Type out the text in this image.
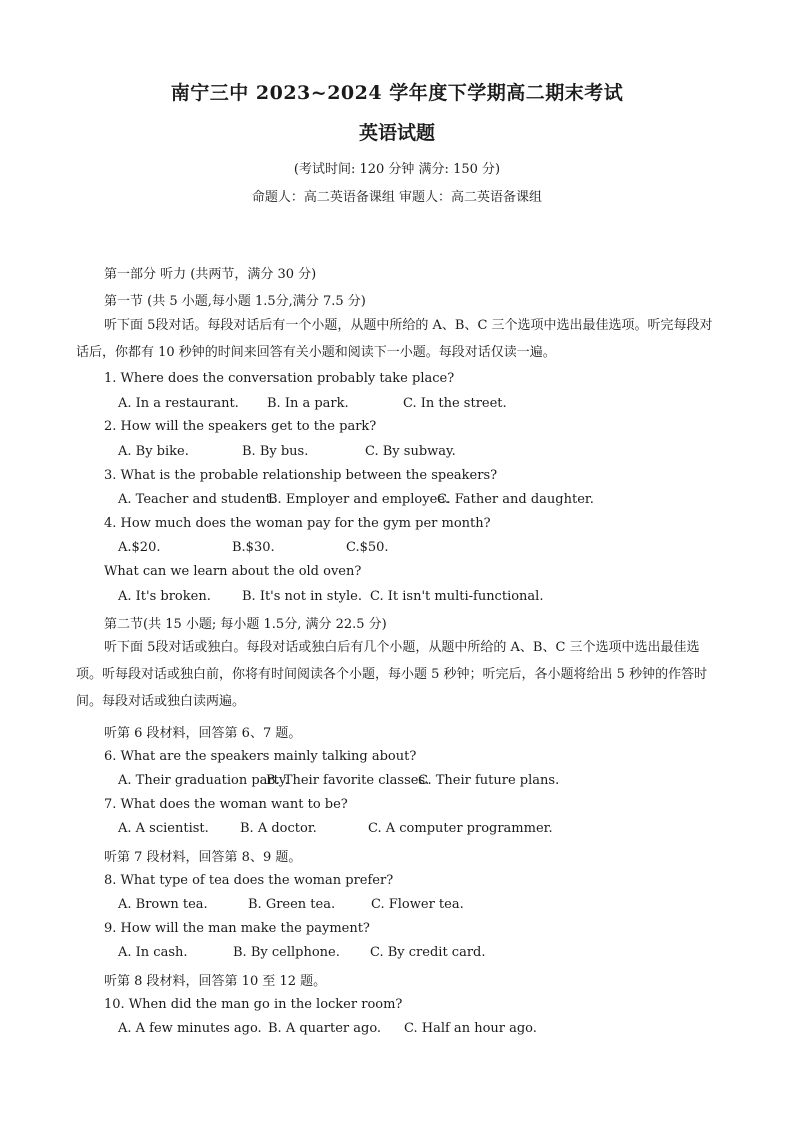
南宁三中 2023~2024 学年度下学期高二期末考试
英语试题
(考试时间: 120 分钟 满分: 150 分)
命题人：高二英语备课组 审题人：高二英语备课组
第一部分 听力 (共两节，满分 30 分)
第一节 (共 5 小题,每小题 1.5分,满分 7.5 分)
听下面 5段对话。每段对话后有一个小题，从题中所给的 A、B、C 三个选项中选出最佳选项。听完每段对话后，你都有 10 秒钟的时间来回答有关小题和阅读下一小题。每段对话仅读一遍。
1. Where does the conversation probably take place?
A. In a restaurant. B. In a park.	C. In the street.
2. How will the speakers get to the park?
A. By bike.	B. By bus.	C. By subway.
3. What is the probable relationship between the speakers?
A. Teacher and student.
B. Employer and employee.
C. Father and daughter.
4. How much does the woman pay for the gym per month?
A.$20.	B.$30.	C.$50.
What can we learn about the old oven?
A. It's broken. B. It's not in style. C. It isn't multi-functional.
第二节(共 15 小题; 每小题 1.5分, 满分 22.5 分)
听下面 5段对话或独白。每段对话或独白后有几个小题，从题中所给的 A、B、C 三个选项中选出最佳选项。听每段对话或独白前，你将有时间阅读各个小题，每小题 5 秒钟；听完后，各小题将给出 5 秒钟的作答时间。每段对话或独白读两遍。
听第 6 段材料，回答第 6、7 题。
6. What are the speakers mainly talking about?
A. Their graduation party.
B. Their favorite classes.
C. Their future plans.
7. What does the woman want to be?
A. A scientist. B. A doctor.	C. A computer programmer.
听第 7 段材料，回答第 8、9 题。
8. What type of tea does the woman prefer?
A. Brown tea.	B. Green tea.	C. Flower tea.
9. How will the man make the payment?
A. In cash.	B. By cellphone. C. By credit card.
听第 8 段材料，回答第 10 至 12 题。
10. When did the man go in the locker room?
A. A few minutes ago. B. A quarter ago. C. Half an hour ago.
